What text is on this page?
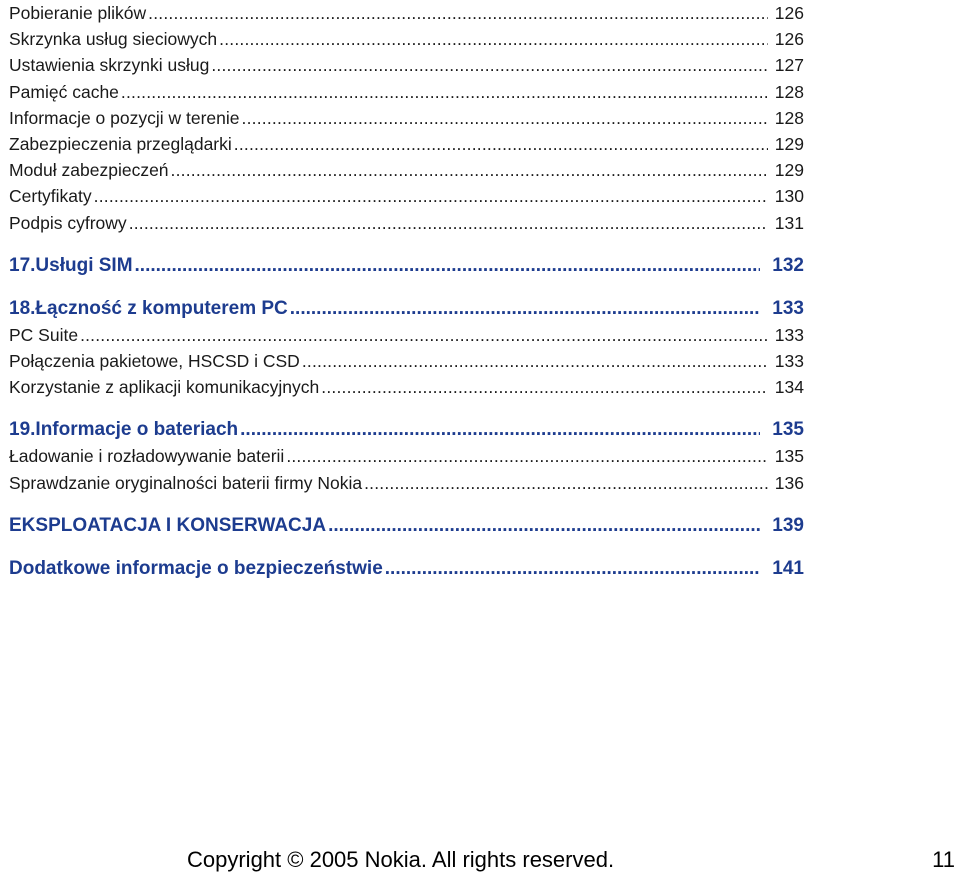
Pobieranie plików .....	126
Skrzynka usług sieciowych .....	126
Ustawienia skrzynki usług .....	127
Pamięć cache .....	128
Informacje o pozycji w terenie .....	128
Zabezpieczenia przeglądarki .....	129
Moduł zabezpieczeń .....	129
Certyfikaty .....	130
Podpis cyfrowy .....	131
17.Usługi SIM .....	132
18.Łączność z komputerem PC .....	133
PC Suite .....	133
Połączenia pakietowe, HSCSD i CSD .....	133
Korzystanie z aplikacji komunikacyjnych .....	134
19.Informacje o bateriach .....	135
Ładowanie i rozładowywanie baterii .....	135
Sprawdzanie oryginalności baterii firmy Nokia .....	136
EKSPLOATACJA I KONSERWACJA .....	139
Dodatkowe informacje o bezpieczeństwie .....	141
Copyright © 2005 Nokia. All rights reserved.	11
